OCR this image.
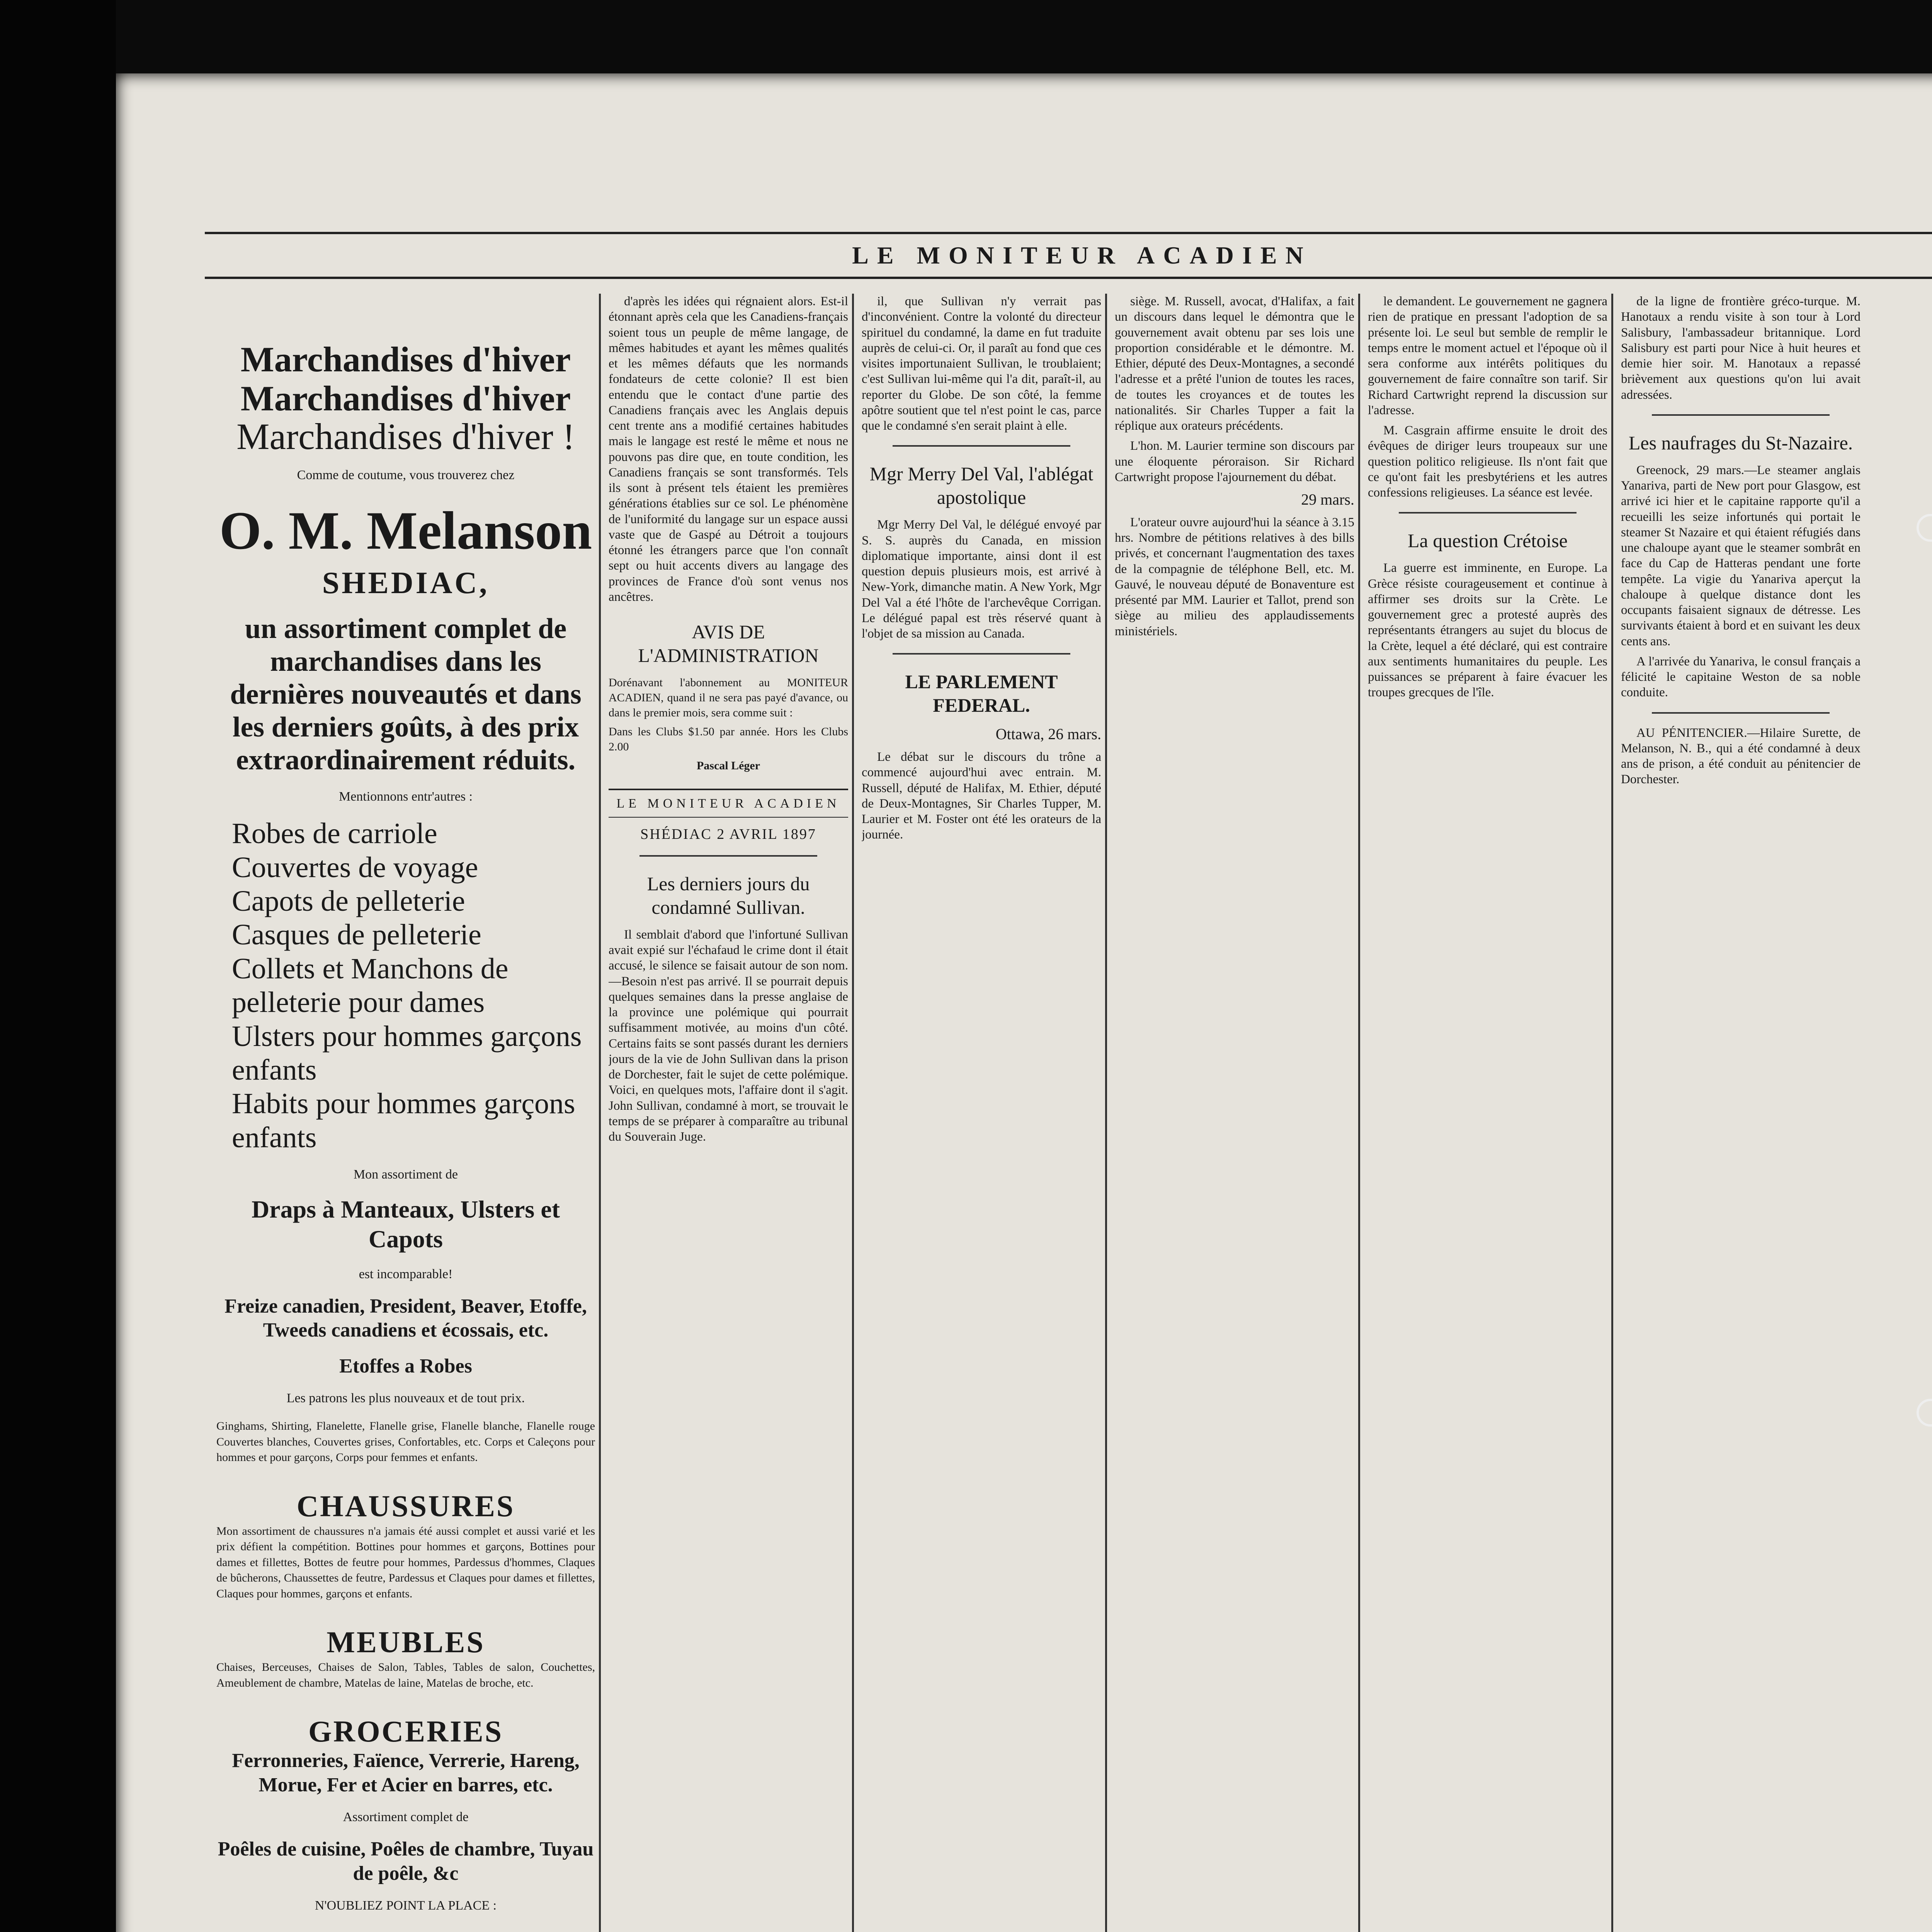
LE MONITEUR ACADIEN
Marchandises d'hiver
Marchandises d'hiver
Marchandises d'hiver !
Comme de coutume, vous trouverez chez
O. M. Melanson
SHEDIAC,
un assortiment complet de marchandises dans les dernières nouveautés et dans les derniers goûts, à des prix extraordinairement réduits.
Mentionnons entr'autres :
Robes de carriole
Couvertes de voyage
Capots de pelleterie
Casques de pelleterie
Collets et Manchons de pelleterie pour dames
Ulsters pour hommes garçons enfants
Habits pour hommes garçons enfants
Mon assortiment de
Draps à Manteaux, Ulsters et Capots
est incomparable!
Freize canadien, President, Beaver, Etoffe, Tweeds canadiens et écossais, etc.
Etoffes a Robes
Les patrons les plus nouveaux et de tout prix.
Ginghams, Shirting, Flanelette, Flanelle grise, Flanelle blanche, Flanelle rouge Couvertes blanches, Couvertes grises, Confortables, etc. Corps et Caleçons pour hommes et pour garçons, Corps pour femmes et enfants.
CHAUSSURES
Mon assortiment de chaussures n'a jamais été aussi complet et aussi varié et les prix défient la compétition. Bottines pour hommes et garçons, Bottines pour dames et fillettes, Bottes de feutre pour hommes, Pardessus d'hommes, Claques de bûcherons, Chaussettes de feutre, Pardessus et Claques pour dames et fillettes, Claques pour hommes, garçons et enfants.
MEUBLES
Chaises, Berceuses, Chaises de Salon, Tables, Tables de salon, Couchettes, Ameublement de chambre, Matelas de laine, Matelas de broche, etc.
GROCERIES
Ferronneries, Faïence, Verrerie, Hareng, Morue, Fer et Acier en barres, etc.
Assortiment complet de
Poêles de cuisine, Poêles de chambre, Tuyau de poêle, &c
N'OUBLIEZ POINT LA PLACE :

d'après les idées qui régnaient alors. Est-il étonnant après cela que les Canadiens-français soient tous un peuple de même langage, de mêmes habitudes et ayant les mêmes qualités et les mêmes défauts que les normands fondateurs de cette colonie? Il est bien entendu que le contact d'une partie des Canadiens français avec les Anglais depuis cent trente ans a modifié certaines habitudes mais le langage est resté le même et nous ne pouvons pas dire que, en toute condition, les Canadiens français se sont transformés. Tels ils sont à présent tels étaient les premières générations établies sur ce sol. Le phénomène de l'uniformité du langage sur un espace aussi vaste que de Gaspé au Détroit a toujours étonné les étrangers parce que l'on connaît sept ou huit accents divers au langage des provinces de France d'où sont venus nos ancêtres.

AVIS DE L'ADMINISTRATION
Dorénavant l'abonnement au MONITEUR ACADIEN, quand il ne sera pas payé d'avance, ou dans le premier mois, sera comme suit :
Dans les Clubs $1.50 par année. Hors les Clubs 2.00
Pascal Léger
LE MONITEUR ACADIEN
SHÉDIAC 2 AVRIL 1897
Les derniers jours du condamné Sullivan.

Il semblait d'abord que l'infortuné Sullivan avait expié sur l'échafaud le crime dont il était accusé, le silence se faisait autour de son nom.—Besoin n'est pas arrivé. Il se pourrait depuis quelques semaines dans la presse anglaise de la province une polémique qui pourrait suffisamment motivée, au moins d'un côté. Certains faits se sont passés durant les derniers jours de la vie de John Sullivan dans la prison de Dorchester, fait le sujet de cette polémique. Voici, en quelques mots, l'affaire dont il s'agit. John Sullivan, condamné à mort, se trouvait le temps de se préparer à comparaître au tribunal du Souverain Juge.

il, que Sullivan n'y verrait pas d'inconvénient. Contre la volonté du directeur spirituel du condamné, la dame en fut traduite auprès de celui-ci. Or, il paraît au fond que ces visites importunaient Sullivan, le troublaient; c'est Sullivan lui-même qui l'a dit, paraît-il, au reporter du Globe. De son côté, la femme apôtre soutient que tel n'est point le cas, parce que le condamné s'en serait plaint à elle.

Mgr Merry Del Val, l'ablégat apostolique

Mgr Merry Del Val, le délégué envoyé par S. S. auprès du Canada, en mission diplomatique importante, ainsi dont il est question depuis plusieurs mois, est arrivé à New-York, dimanche matin. A New York, Mgr Del Val a été l'hôte de l'archevêque Corrigan. Le délégué papal est très réservé quant à l'objet de sa mission au Canada.

LE PARLEMENT FEDERAL.
Ottawa, 26 mars.

Le débat sur le discours du trône a commencé aujourd'hui avec entrain. M. Russell, député de Halifax, M. Ethier, député de Deux-Montagnes, Sir Charles Tupper, M. Laurier et M. Foster ont été les orateurs de la journée.

siège. M. Russell, avocat, d'Halifax, a fait un discours dans lequel le démontra que le gouvernement avait obtenu par ses lois une proportion considérable et le démontre. M. Ethier, député des Deux-Montagnes, a secondé l'adresse et a prêté l'union de toutes les races, de toutes les croyances et de toutes les nationalités. Sir Charles Tupper a fait la réplique aux orateurs précédents.

L'hon. M. Laurier termine son discours par une éloquente péroraison. Sir Richard Cartwright propose l'ajournement du débat.

29 mars.

L'orateur ouvre aujourd'hui la séance à 3.15 hrs. Nombre de pétitions relatives à des bills privés, et concernant l'augmentation des taxes de la compagnie de téléphone Bell, etc. M. Gauvé, le nouveau député de Bonaventure est présenté par MM. Laurier et Tallot, prend son siège au milieu des applaudissements ministériels.

le demandent. Le gouvernement ne gagnera rien de pratique en pressant l'adoption de sa présente loi. Le seul but semble de remplir le temps entre le moment actuel et l'époque où il sera conforme aux intérêts politiques du gouvernement de faire connaître son tarif. Sir Richard Cartwright reprend la discussion sur l'adresse.

M. Casgrain affirme ensuite le droit des évêques de diriger leurs troupeaux sur une question politico religieuse. Ils n'ont fait que ce qu'ont fait les presbytériens et les autres confessions religieuses. La séance est levée.

La question Crétoise

La guerre est imminente, en Europe. La Grèce résiste courageusement et continue à affirmer ses droits sur la Crète. Le gouvernement grec a protesté auprès des représentants étrangers au sujet du blocus de la Crète, lequel a été déclaré, qui est contraire aux sentiments humanitaires du peuple. Les puissances se préparent à faire évacuer les troupes grecques de l'île.

de la ligne de frontière gréco-turque. M. Hanotaux a rendu visite à son tour à Lord Salisbury, l'ambassadeur britannique. Lord Salisbury est parti pour Nice à huit heures et demie hier soir. M. Hanotaux a repassé brièvement aux questions qu'on lui avait adressées.

Les naufrages du St-Nazaire.

Greenock, 29 mars.—Le steamer anglais Yanariva, parti de New port pour Glasgow, est arrivé ici hier et le capitaine rapporte qu'il a recueilli les seize infortunés qui portait le steamer St Nazaire et qui étaient réfugiés dans une chaloupe ayant que le steamer sombrât en face du Cap de Hatteras pendant une forte tempête. La vigie du Yanariva aperçut la chaloupe à quelque distance dont les occupants faisaient signaux de détresse. Les survivants étaient à bord et en suivant les deux cents ans.

A l'arrivée du Yanariva, le consul français a félicité le capitaine Weston de sa noble conduite.

AU PÉNITENCIER.—Hilaire Surette, de Melanson, N. B., qui a été condamné à deux ans de prison, a été conduit au pénitencier de Dorchester.
